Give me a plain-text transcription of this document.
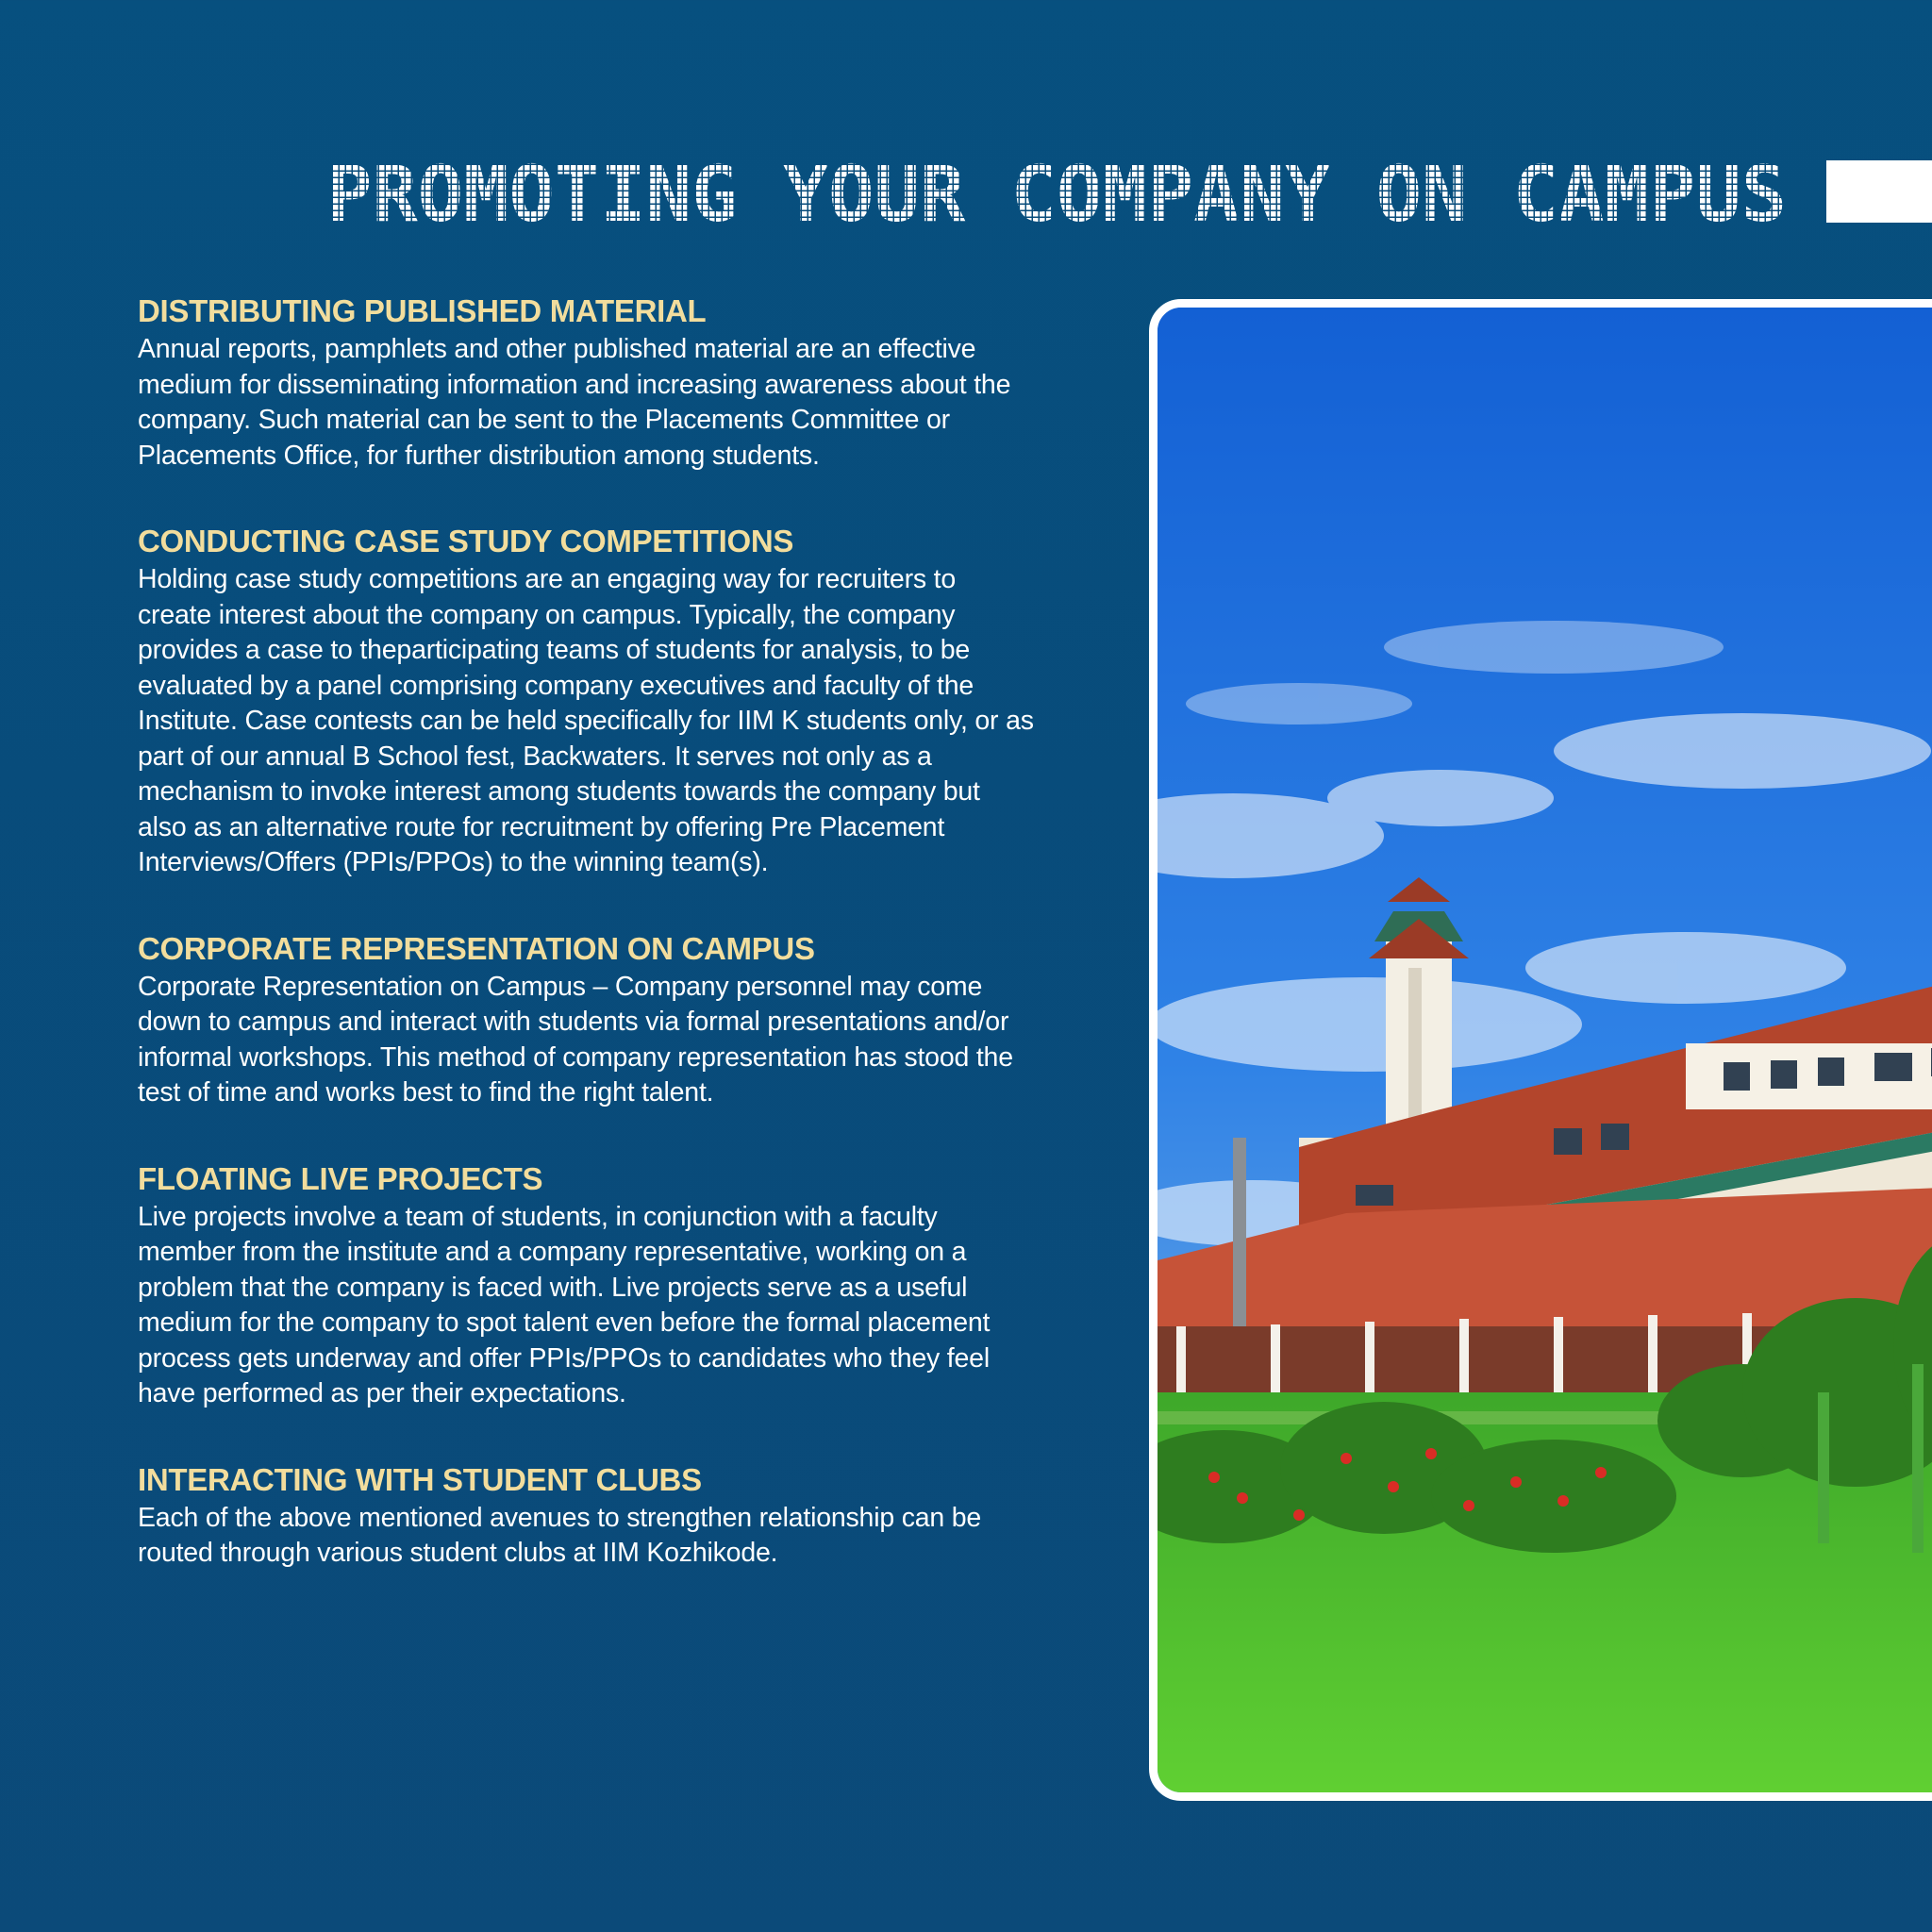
PROMOTING YOUR COMPANY ON CAMPUS
DISTRIBUTING PUBLISHED MATERIAL

Annual reports, pamphlets and other published material are an effective medium for disseminating information and increasing awareness about the company. Such material can be sent to the Placements Committee or Placements Office, for further distribution among students.

CONDUCTING CASE STUDY COMPETITIONS

Holding case study competitions are an engaging way for recruiters to create interest about the company on campus. Typically, the company provides a case to theparticipating teams of students for analysis, to be evaluated by a panel comprising company executives and faculty of the Institute. Case contests can be held specifically for IIM K students only, or as part of our annual B School fest, Backwaters. It serves not only as a mechanism to invoke interest among students towards the company but also as an alternative route for recruitment by offering Pre Placement Interviews/Offers (PPIs/PPOs) to the winning team(s).

CORPORATE REPRESENTATION ON CAMPUS

Corporate Representation on Campus – Company personnel may come down to campus and interact with students via formal presentations and/or informal workshops. This method of company representation has stood the test of time and works best to find the right talent.

FLOATING LIVE PROJECTS

Live projects involve a team of students, in conjunction with a faculty member from the institute and a company representative, working on a problem that the company is faced with. Live projects serve as a useful medium for the company to spot talent even before the formal placement process gets underway and offer PPIs/PPOs to candidates who they feel have performed as per their expectations.

INTERACTING WITH STUDENT CLUBS

Each of the above mentioned avenues to strengthen relationship can be routed through various student clubs at IIM Kozhikode.
